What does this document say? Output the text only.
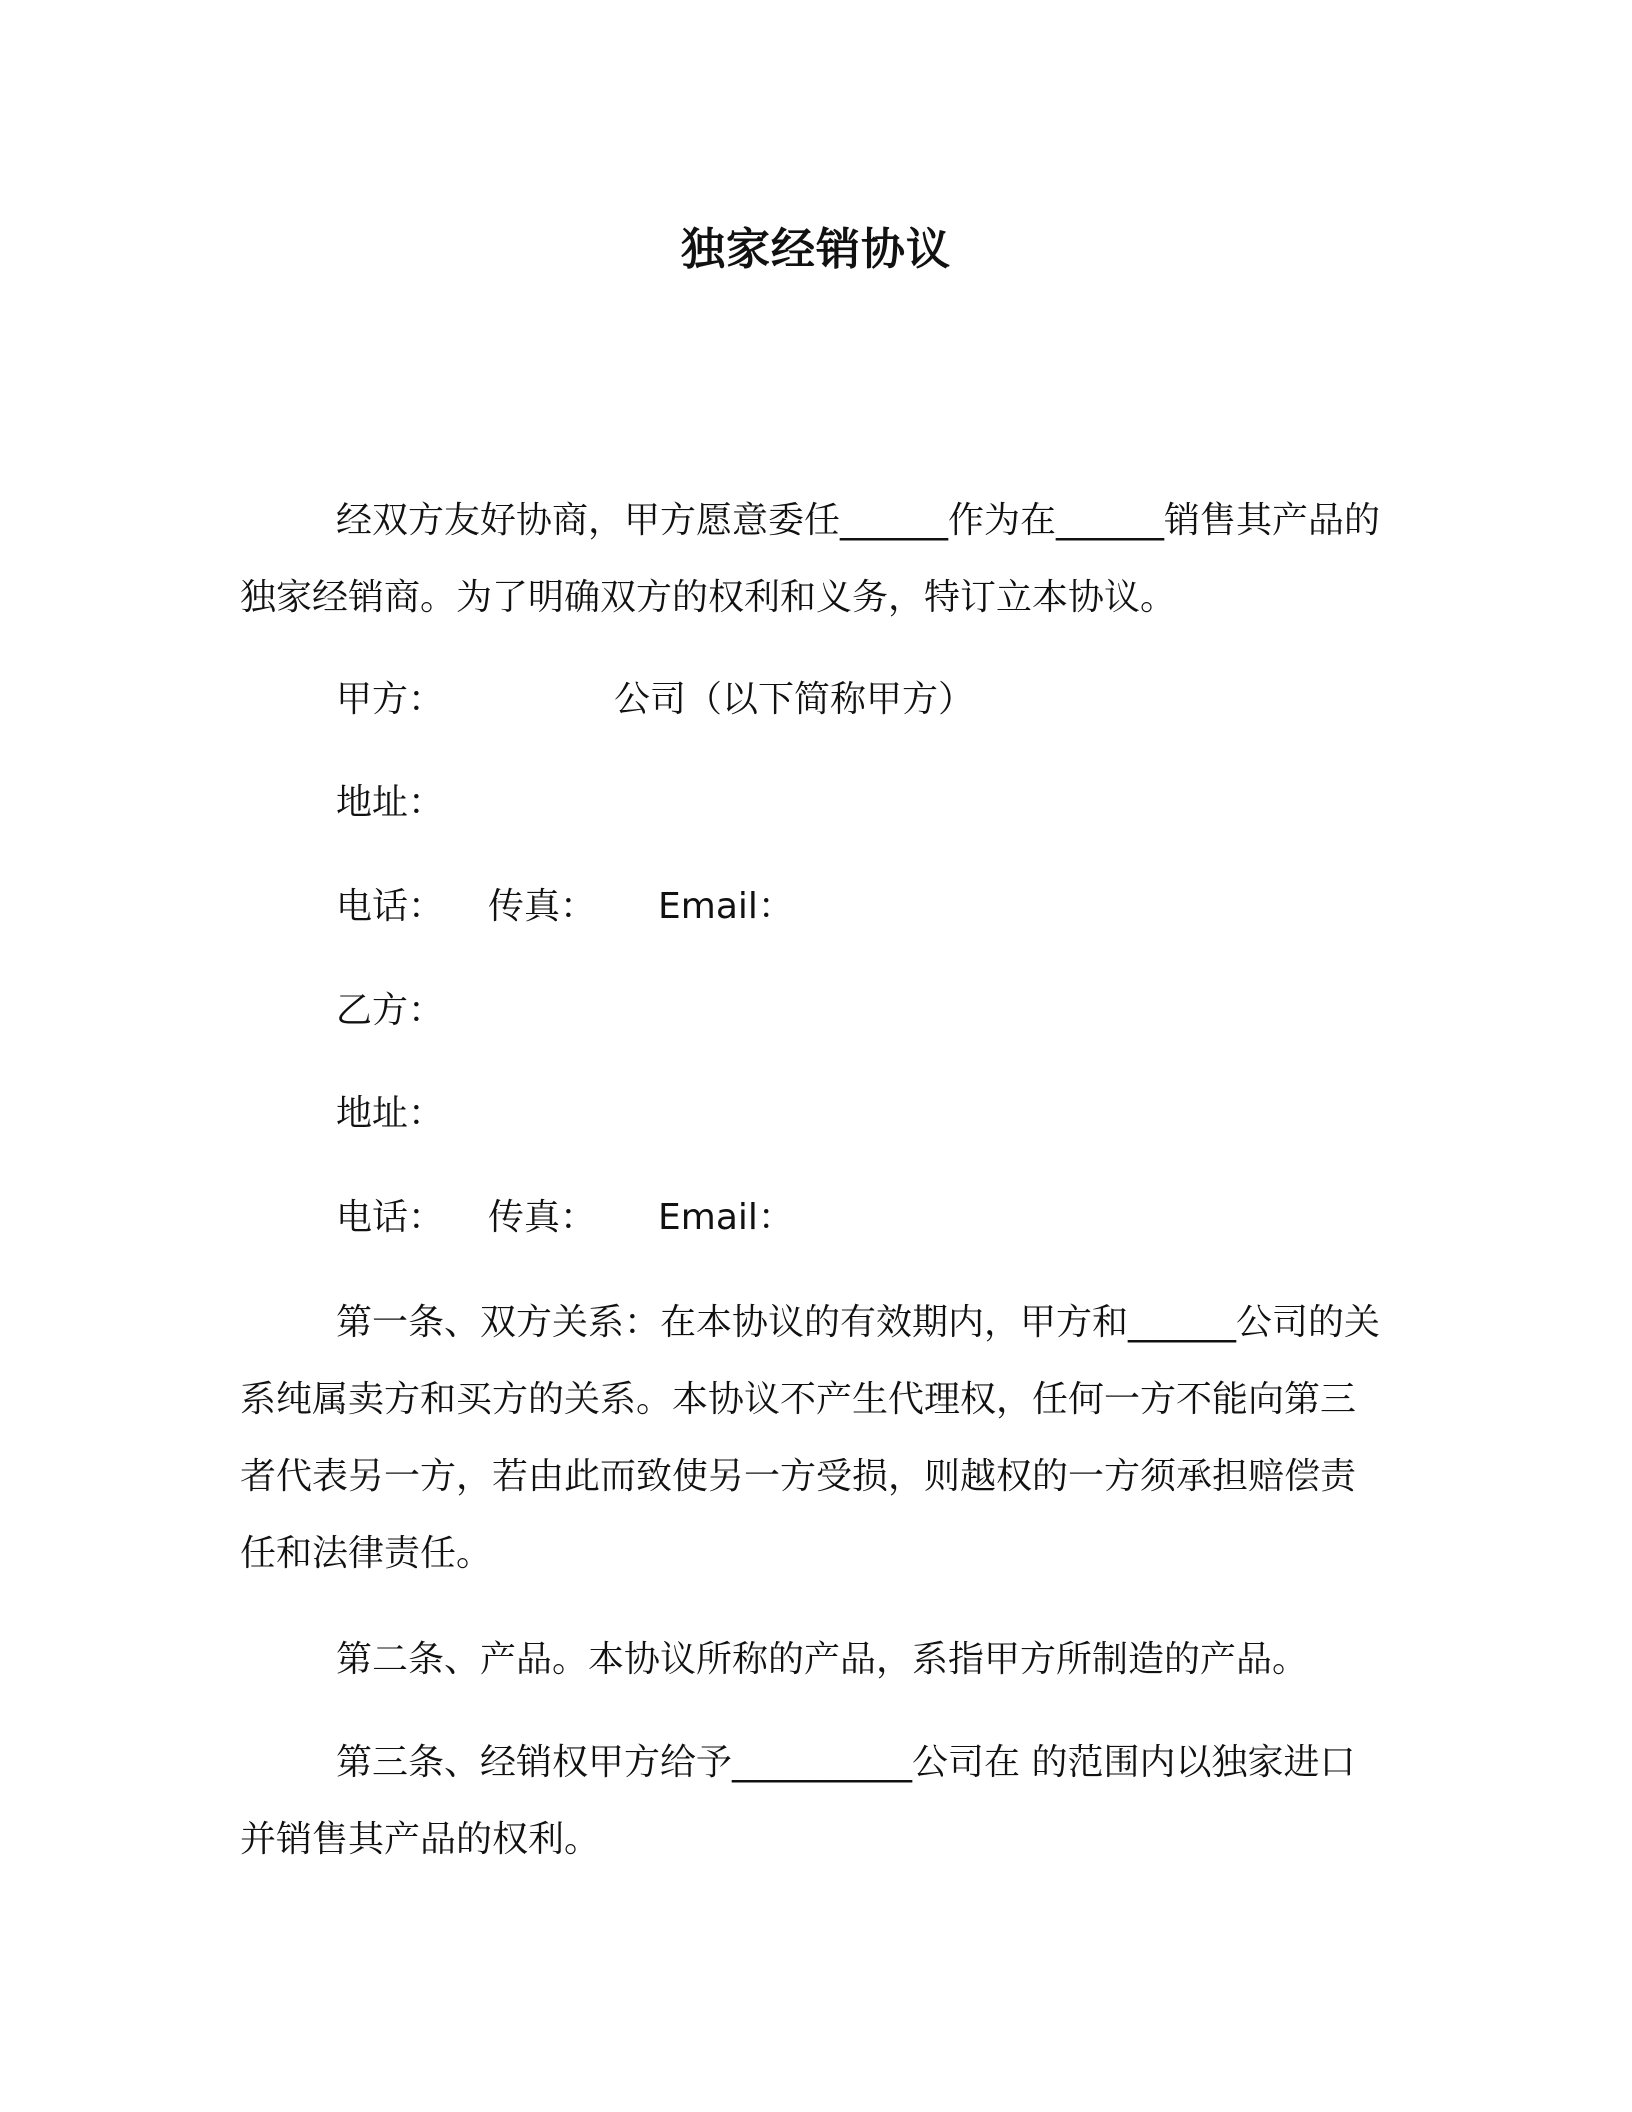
独家经销协议

经双方友好协商，甲方愿意委任______作为在______销售其产品的独家经销商。为了明确双方的权利和义务，特订立本协议。

甲方：	公司（以下简称甲方）
地址：
电话： 传真： Email：
乙方：
地址：
电话： 传真： Email：

第一条、双方关系：在本协议的有效期内，甲方和______公司的关系纯属卖方和买方的关系。本协议不产生代理权，任何一方不能向第三者代表另一方，若由此而致使另一方受损，则越权的一方须承担赔偿责任和法律责任。

第二条、产品。本协议所称的产品，系指甲方所制造的产品。

第三条、经销权甲方给予__________公司在 的范围内以独家进口并销售其产品的权利。
